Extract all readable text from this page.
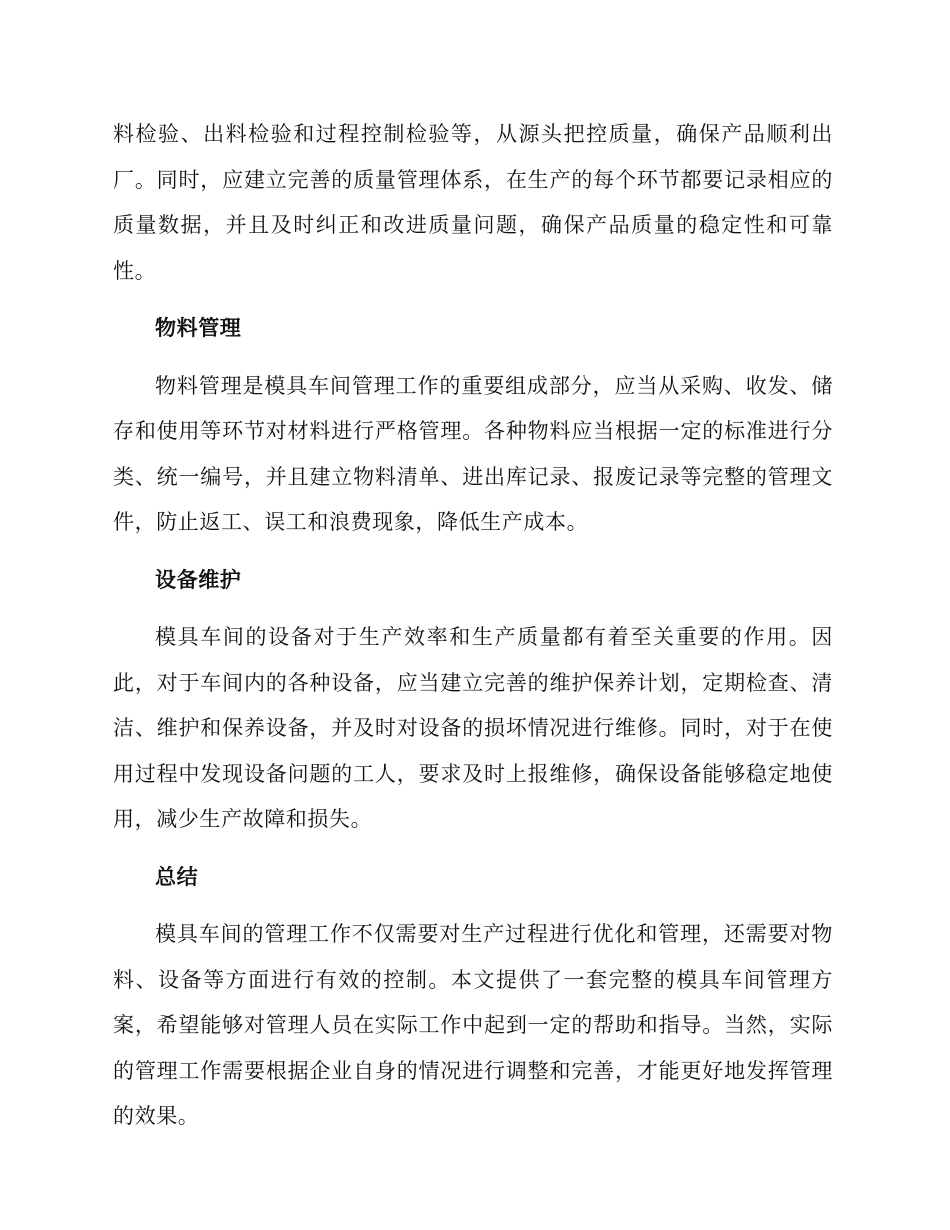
料检验、出料检验和过程控制检验等，从源头把控质量，确保产品顺利出厂。同时，应建立完善的质量管理体系，在生产的每个环节都要记录相应的质量数据，并且及时纠正和改进质量问题，确保产品质量的稳定性和可靠性。

物料管理

物料管理是模具车间管理工作的重要组成部分，应当从采购、收发、储存和使用等环节对材料进行严格管理。各种物料应当根据一定的标准进行分类、统一编号，并且建立物料清单、进出库记录、报废记录等完整的管理文件，防止返工、误工和浪费现象，降低生产成本。

设备维护

模具车间的设备对于生产效率和生产质量都有着至关重要的作用。因此，对于车间内的各种设备，应当建立完善的维护保养计划，定期检查、清洁、维护和保养设备，并及时对设备的损坏情况进行维修。同时，对于在使用过程中发现设备问题的工人，要求及时上报维修，确保设备能够稳定地使用，减少生产故障和损失。

总结

模具车间的管理工作不仅需要对生产过程进行优化和管理，还需要对物料、设备等方面进行有效的控制。本文提供了一套完整的模具车间管理方案，希望能够对管理人员在实际工作中起到一定的帮助和指导。当然，实际的管理工作需要根据企业自身的情况进行调整和完善，才能更好地发挥管理的效果。
